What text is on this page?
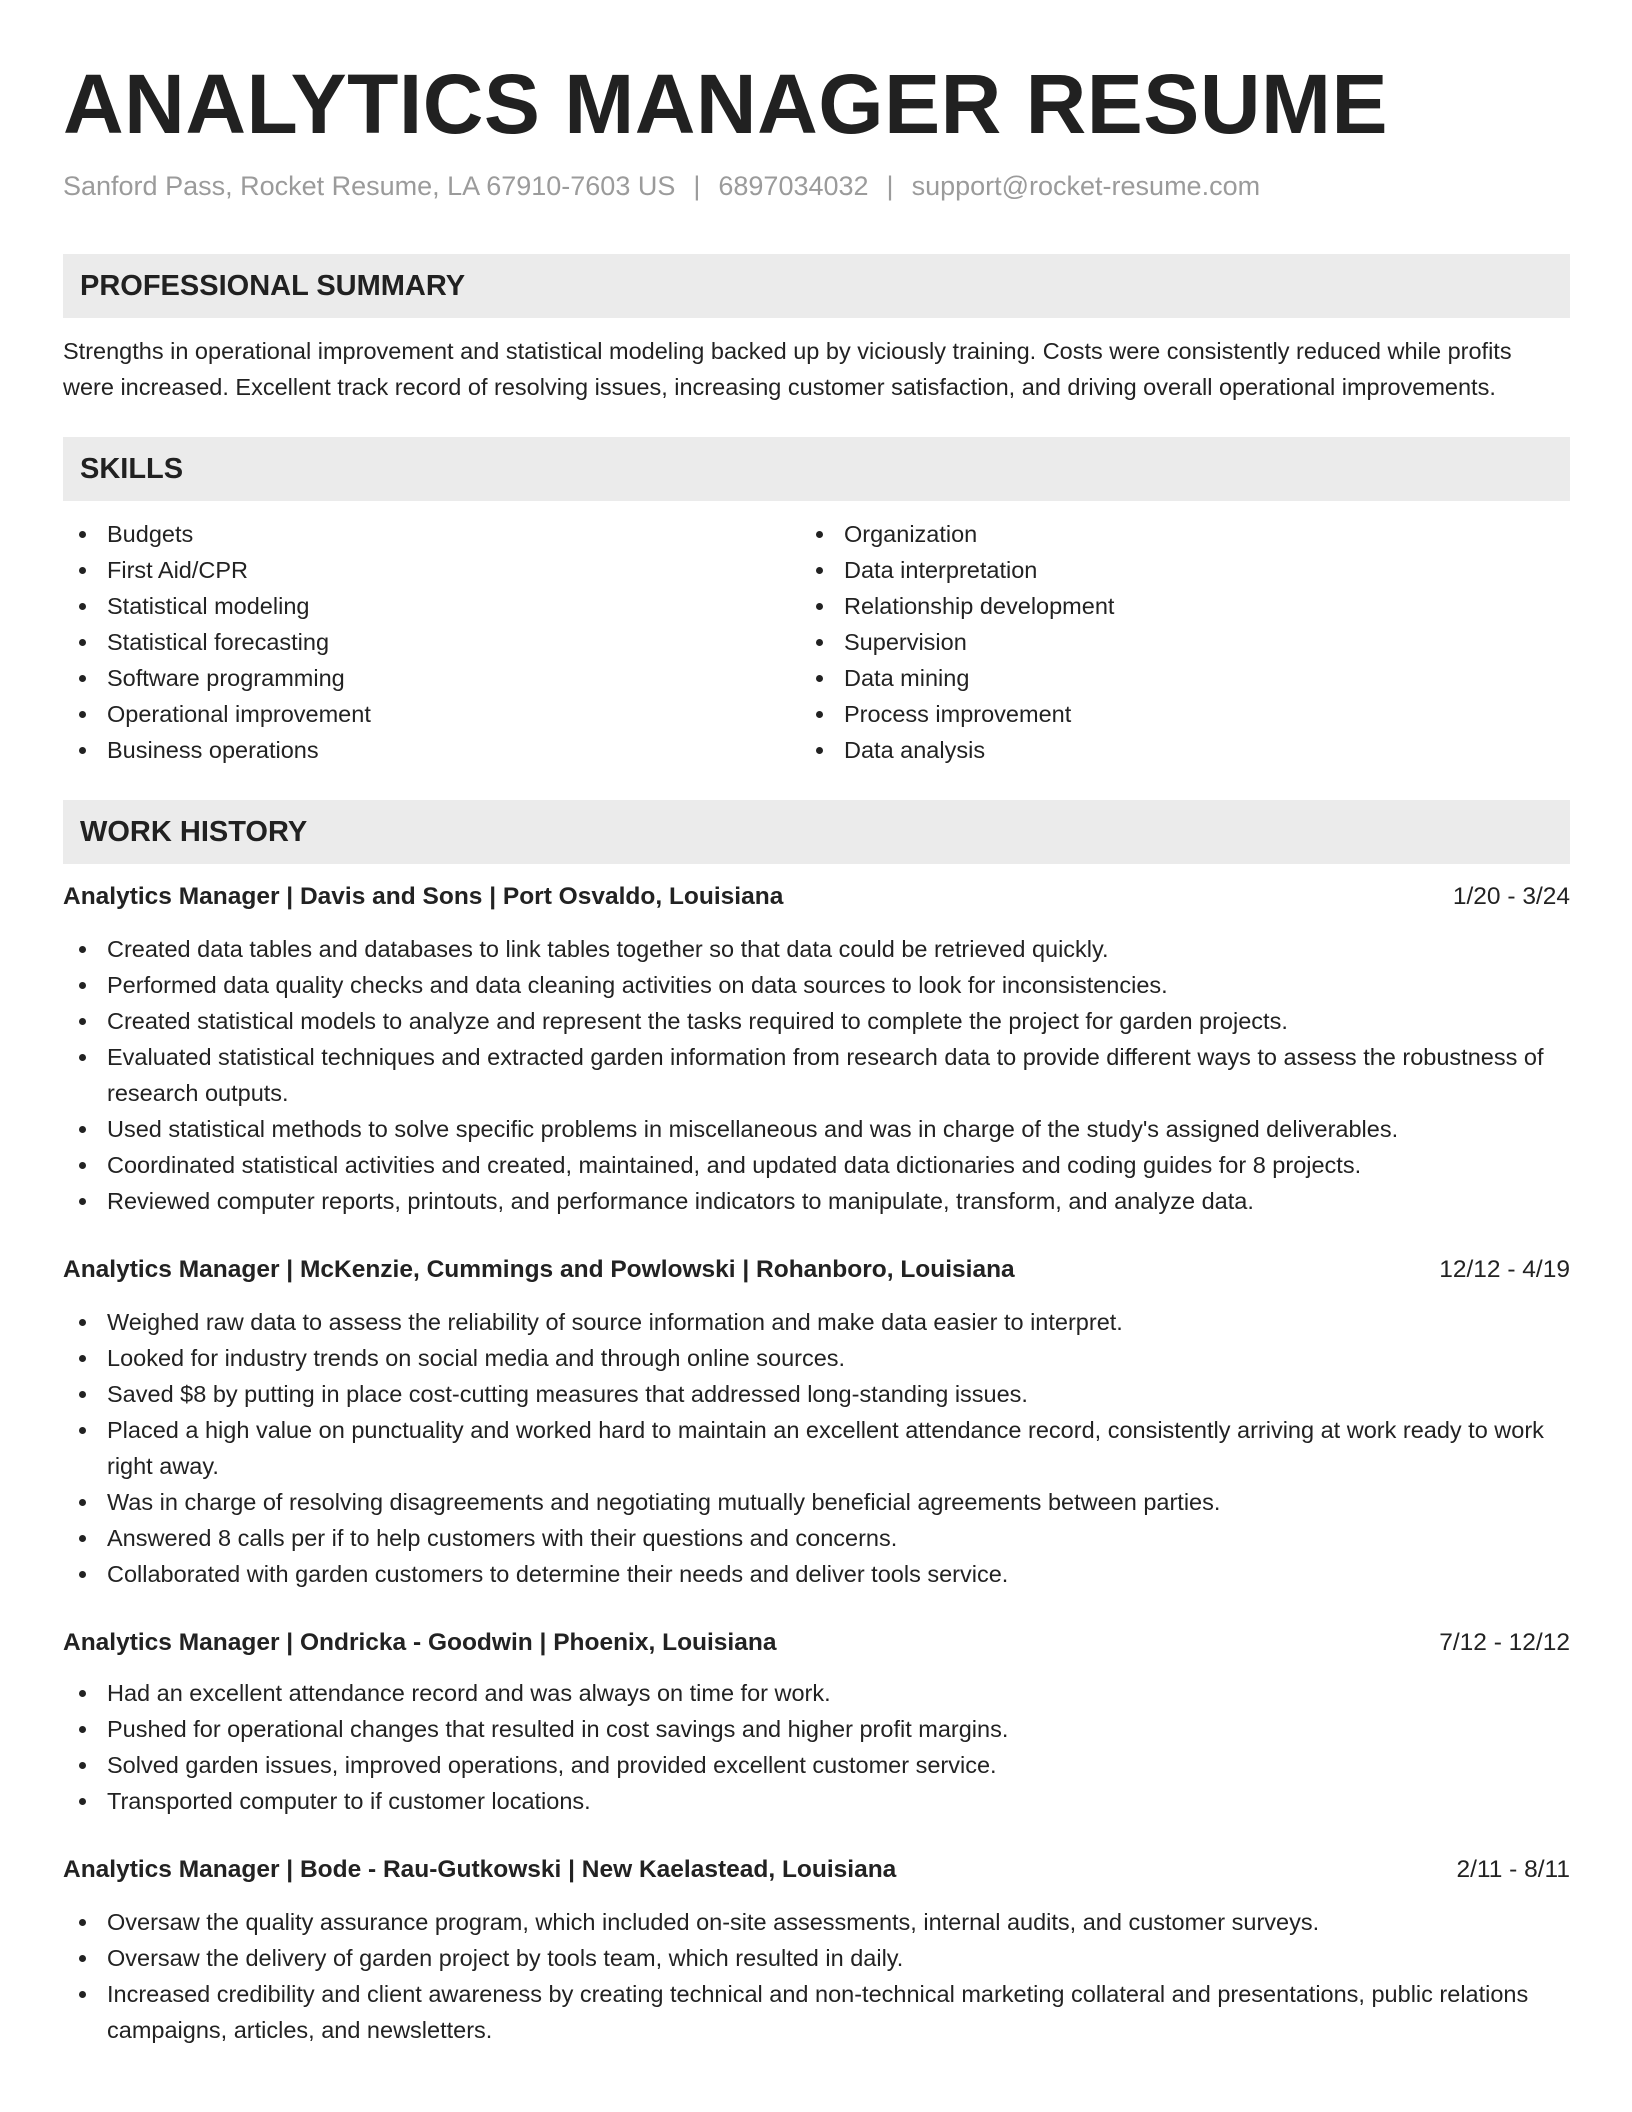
ANALYTICS MANAGER RESUME
Sanford Pass, Rocket Resume, LA 67910-7603 US | 6897034032 | support@rocket-resume.com
PROFESSIONAL SUMMARY
Strengths in operational improvement and statistical modeling backed up by viciously training. Costs were consistently reduced while profits were increased. Excellent track record of resolving issues, increasing customer satisfaction, and driving overall operational improvements.
SKILLS
Budgets
First Aid/CPR
Statistical modeling
Statistical forecasting
Software programming
Operational improvement
Business operations
Organization
Data interpretation
Relationship development
Supervision
Data mining
Process improvement
Data analysis
WORK HISTORY
Analytics Manager | Davis and Sons | Port Osvaldo, Louisiana	1/20 - 3/24
Created data tables and databases to link tables together so that data could be retrieved quickly.
Performed data quality checks and data cleaning activities on data sources to look for inconsistencies.
Created statistical models to analyze and represent the tasks required to complete the project for garden projects.
Evaluated statistical techniques and extracted garden information from research data to provide different ways to assess the robustness of research outputs.
Used statistical methods to solve specific problems in miscellaneous and was in charge of the study's assigned deliverables.
Coordinated statistical activities and created, maintained, and updated data dictionaries and coding guides for 8 projects.
Reviewed computer reports, printouts, and performance indicators to manipulate, transform, and analyze data.
Analytics Manager | McKenzie, Cummings and Powlowski | Rohanboro, Louisiana	12/12 - 4/19
Weighed raw data to assess the reliability of source information and make data easier to interpret.
Looked for industry trends on social media and through online sources.
Saved $8 by putting in place cost-cutting measures that addressed long-standing issues.
Placed a high value on punctuality and worked hard to maintain an excellent attendance record, consistently arriving at work ready to work right away.
Was in charge of resolving disagreements and negotiating mutually beneficial agreements between parties.
Answered 8 calls per if to help customers with their questions and concerns.
Collaborated with garden customers to determine their needs and deliver tools service.
Analytics Manager | Ondricka - Goodwin | Phoenix, Louisiana	7/12 - 12/12
Had an excellent attendance record and was always on time for work.
Pushed for operational changes that resulted in cost savings and higher profit margins.
Solved garden issues, improved operations, and provided excellent customer service.
Transported computer to if customer locations.
Analytics Manager | Bode - Rau-Gutkowski | New Kaelastead, Louisiana	2/11 - 8/11
Oversaw the quality assurance program, which included on-site assessments, internal audits, and customer surveys.
Oversaw the delivery of garden project by tools team, which resulted in daily.
Increased credibility and client awareness by creating technical and non-technical marketing collateral and presentations, public relations campaigns, articles, and newsletters.
